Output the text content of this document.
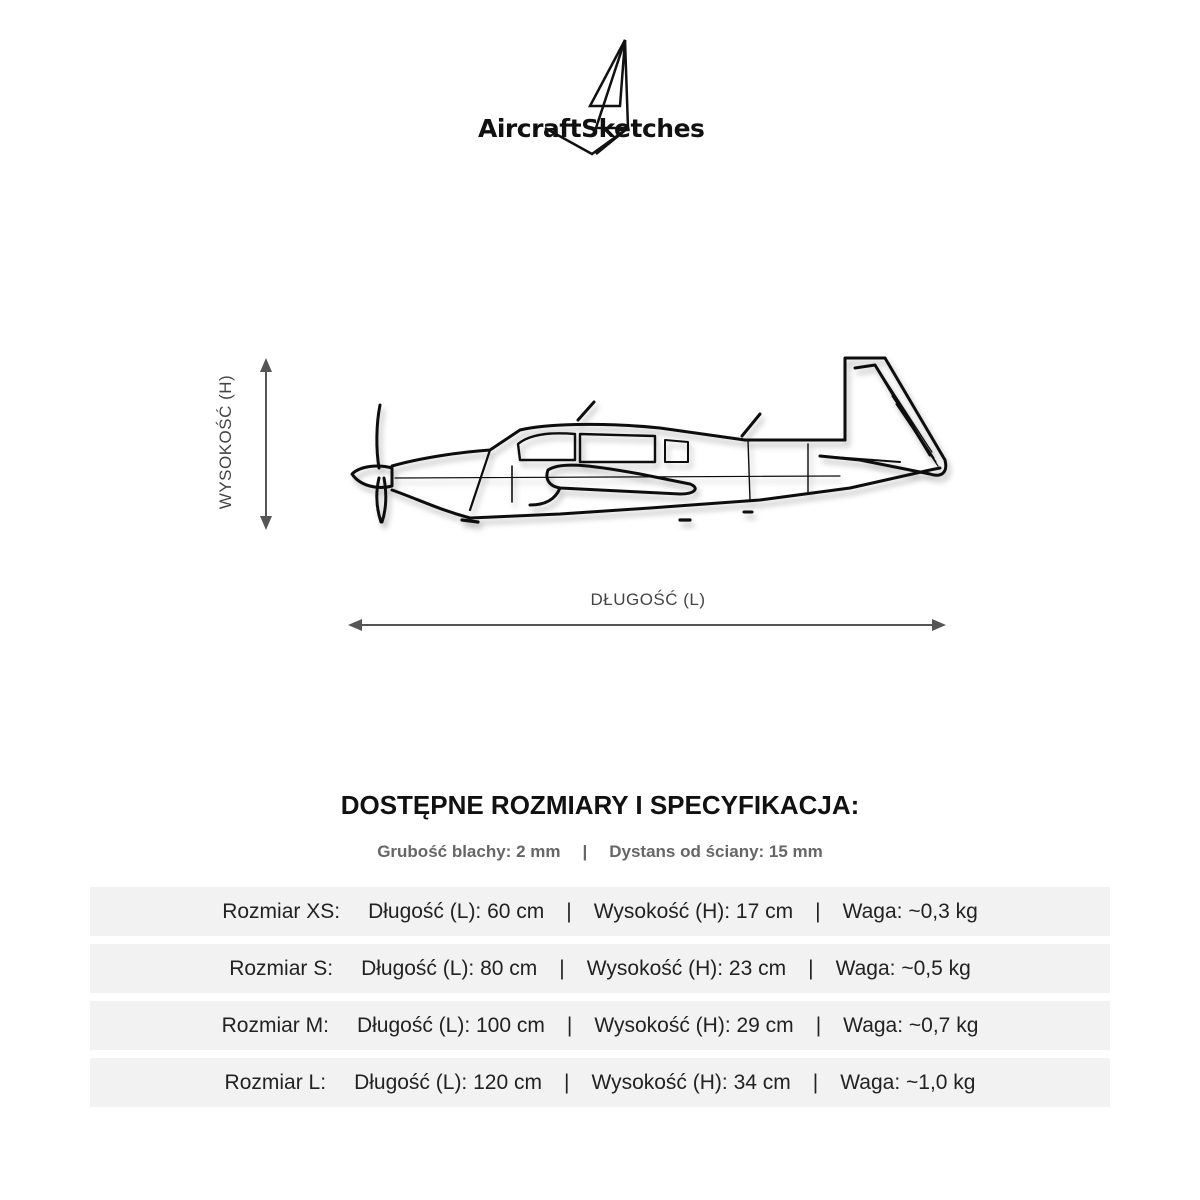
AircraftSketches
WYSOKOŚĆ (H)
DŁUGOŚĆ (L)
DOSTĘPNE ROZMIARY I SPECYFIKACJA:
Grubość blachy: 2 mm | Dystans od ściany: 15 mm
Rozmiar XS: Długość (L): 60 cm	|	Wysokość (H): 17 cm	|	Waga: ~0,3 kg
Rozmiar S: Długość (L): 80 cm	|	Wysokość (H): 23 cm	|	Waga: ~0,5 kg
Rozmiar M: Długość (L): 100 cm	|	Wysokość (H): 29 cm	|	Waga: ~0,7 kg
Rozmiar L: Długość (L): 120 cm	|	Wysokość (H): 34 cm	|	Waga: ~1,0 kg
